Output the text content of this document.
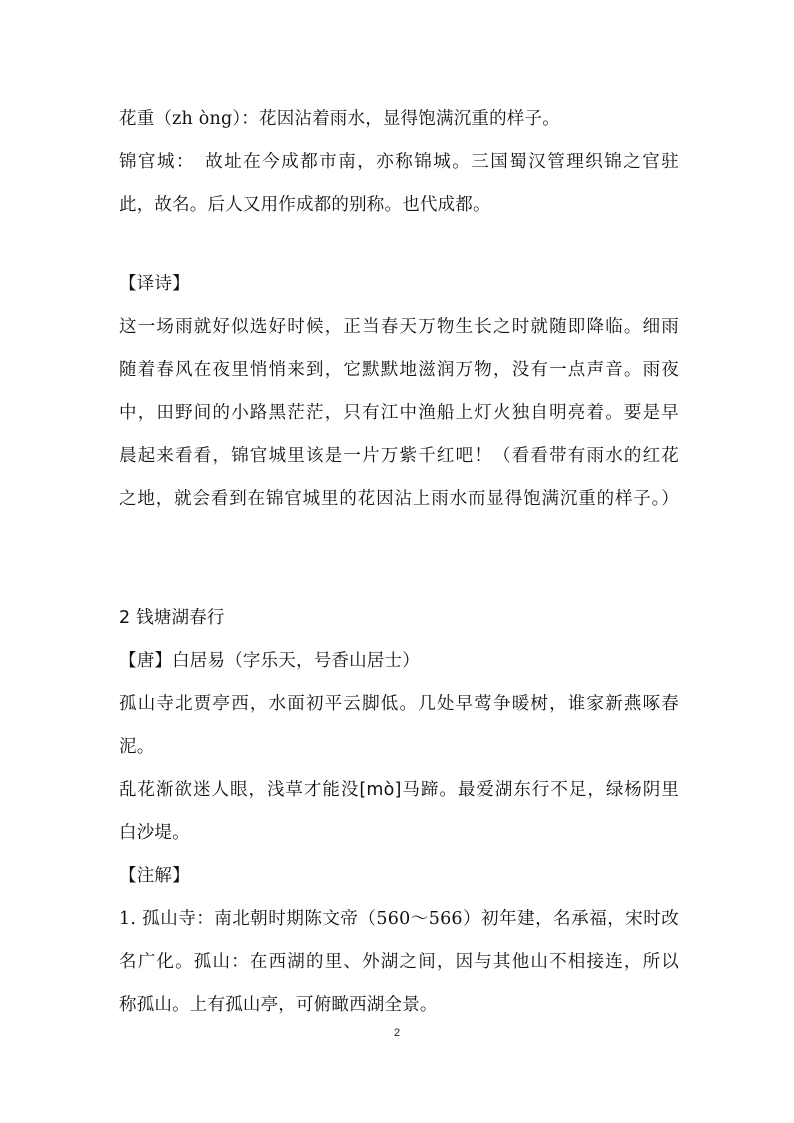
花重（zh òng）：花因沾着雨水，显得饱满沉重的样子。
锦官城：　故址在今成都市南，亦称锦城。三国蜀汉管理织锦之官驻
此，故名。后人又用作成都的别称。也代成都。
【译诗】
这一场雨就好似选好时候，正当春天万物生长之时就随即降临。细雨
随着春风在夜里悄悄来到，它默默地滋润万物，没有一点声音。雨夜
中，田野间的小路黑茫茫，只有江中渔船上灯火独自明亮着。要是早
晨起来看看，锦官城里该是一片万紫千红吧！（看看带有雨水的红花
之地，就会看到在锦官城里的花因沾上雨水而显得饱满沉重的样子。）
2 钱塘湖春行
【唐】白居易（字乐天，号香山居士）
孤山寺北贾亭西，水面初平云脚低。几处早莺争暖树，谁家新燕啄春
泥。
乱花渐欲迷人眼，浅草才能没[mò]马蹄。最爱湖东行不足，绿杨阴里
白沙堤。
【注解】
1. 孤山寺：南北朝时期陈文帝（560～566）初年建，名承福，宋时改
名广化。孤山：在西湖的里、外湖之间，因与其他山不相接连，所以
称孤山。上有孤山亭，可俯瞰西湖全景。
2
